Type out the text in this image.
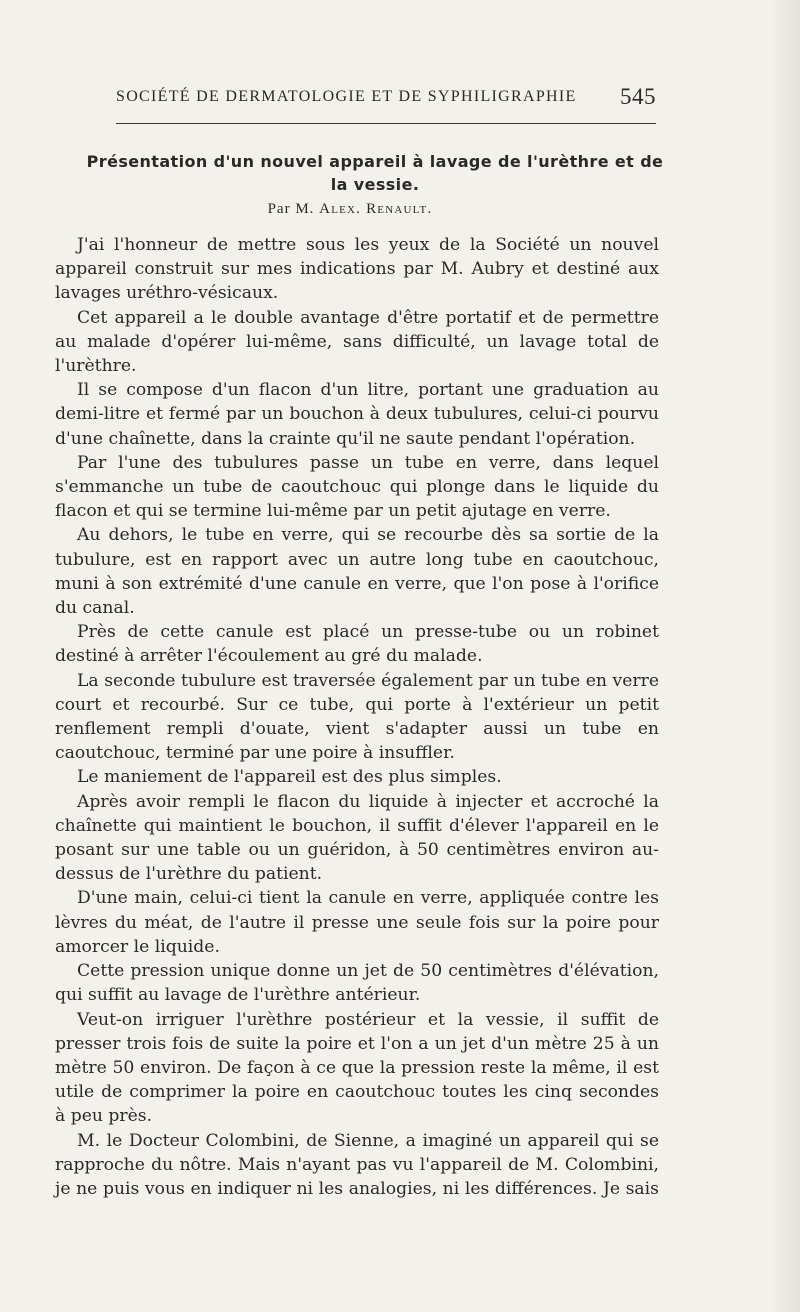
SOCIÉTÉ DE DERMATOLOGIE ET DE SYPHILIGRAPHIE 545
Présentation d'un nouvel appareil à lavage de l'urèthre et de la vessie.
Par M. Alex. Renault.

J'ai l'honneur de mettre sous les yeux de la Société un nouvel appareil construit sur mes indications par M. Aubry et destiné aux lavages uréthro-vésicaux.

Cet appareil a le double avantage d'être portatif et de permettre au malade d'opérer lui-même, sans difficulté, un lavage total de l'urèthre.

Il se compose d'un flacon d'un litre, portant une graduation au demi-litre et fermé par un bouchon à deux tubulures, celui-ci pourvu d'une chaînette, dans la crainte qu'il ne saute pendant l'opération.

Par l'une des tubulures passe un tube en verre, dans lequel s'emmanche un tube de caoutchouc qui plonge dans le liquide du flacon et qui se termine lui-même par un petit ajutage en verre.

Au dehors, le tube en verre, qui se recourbe dès sa sortie de la tubulure, est en rapport avec un autre long tube en caoutchouc, muni à son extrémité d'une canule en verre, que l'on pose à l'orifice du canal.

Près de cette canule est placé un presse-tube ou un robinet destiné à arrêter l'écoulement au gré du malade.

La seconde tubulure est traversée également par un tube en verre court et recourbé. Sur ce tube, qui porte à l'extérieur un petit renflement rempli d'ouate, vient s'adapter aussi un tube en caoutchouc, terminé par une poire à insuffler.

Le maniement de l'appareil est des plus simples.

Après avoir rempli le flacon du liquide à injecter et accroché la chaînette qui maintient le bouchon, il suffit d'élever l'appareil en le posant sur une table ou un guéridon, à 50 centimètres environ au-dessus de l'urèthre du patient.

D'une main, celui-ci tient la canule en verre, appliquée contre les lèvres du méat, de l'autre il presse une seule fois sur la poire pour amorcer le liquide.

Cette pression unique donne un jet de 50 centimètres d'élévation, qui suffit au lavage de l'urèthre antérieur.

Veut-on irriguer l'urèthre postérieur et la vessie, il suffit de presser trois fois de suite la poire et l'on a un jet d'un mètre 25 à un mètre 50 environ. De façon à ce que la pression reste la même, il est utile de comprimer la poire en caoutchouc toutes les cinq secondes à peu près.

M. le Docteur Colombini, de Sienne, a imaginé un appareil qui se rapproche du nôtre. Mais n'ayant pas vu l'appareil de M. Colombini, je ne puis vous en indiquer ni les analogies, ni les différences. Je sais
